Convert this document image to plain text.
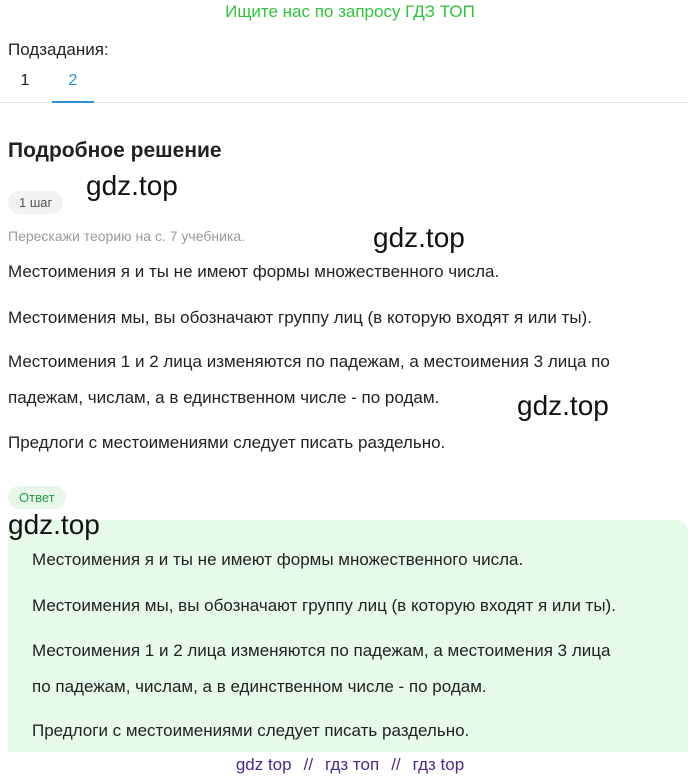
Ищите нас по запросу ГДЗ ТОП
Подзадания:
1	2
Подробное решение
1 шаг
Перескажи теорию на с. 7 учебника.
Местоимения я и ты не имеют формы множественного числа.
Местоимения мы, вы обозначают группу лиц (в которую входят я или ты).
Местоимения 1 и 2 лица изменяются по падежам, а местоимения 3 лица по
падежам, числам, а в единственном числе - по родам.
Предлоги с местоимениями следует писать раздельно.
Ответ
Местоимения я и ты не имеют формы множественного числа.
Местоимения мы, вы обозначают группу лиц (в которую входят я или ты).
Местоимения 1 и 2 лица изменяются по падежам, а местоимения 3 лица
по падежам, числам, а в единственном числе - по родам.
Предлоги с местоимениями следует писать раздельно.
gdz.top
gdz.top
gdz.top
gdz.top
gdz top // гдз топ // гдз top
